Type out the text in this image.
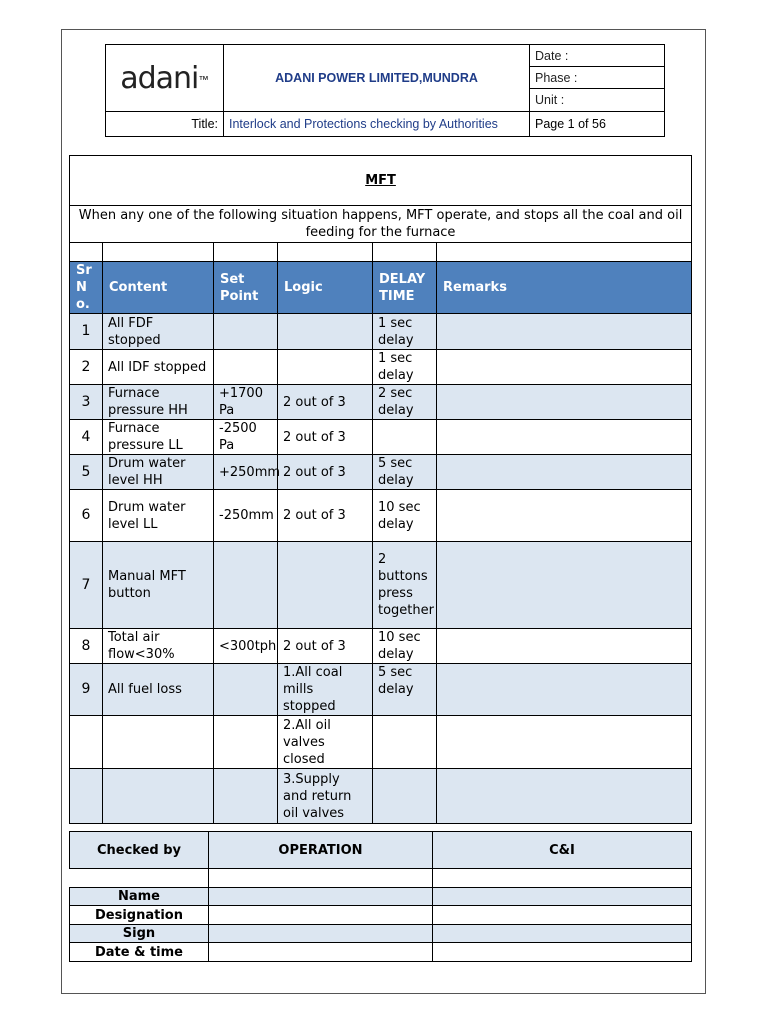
adani™	ADANI POWER LIMITED,MUNDRA	Date :
		Phase :
		Unit :
Title:	Interlock and Protections checking by Authorities	Page 1 of 56
MFT					
When any one of the following situation happens, MFT operate, and stops all the coal and oil feeding for the furnace					

Sr N o.	Content	Set Point	Logic	DELAY TIME	Remarks
1	All FDF stopped			1 sec delay	
2	All IDF stopped			1 sec delay	
3	Furnace pressure HH	+1700 Pa	2 out of 3	2 sec delay	
4	Furnace pressure LL	-2500 Pa	2 out of 3		
5	Drum water level HH	+250mm	2 out of 3	5 sec delay	
6	Drum water level LL	-250mm	2 out of 3	10 sec delay	
7	Manual MFT button			2 buttons press together	
8	Total air flow<30%	<300tph	2 out of 3	10 sec delay	
9	All fuel loss		1.All coal mills stopped	5 sec delay	
			2.All oil valves closed		
			3.Supply and return oil valves		
Checked by	OPERATION	C&I

Name		
Designation		
Sign		
Date & time		
